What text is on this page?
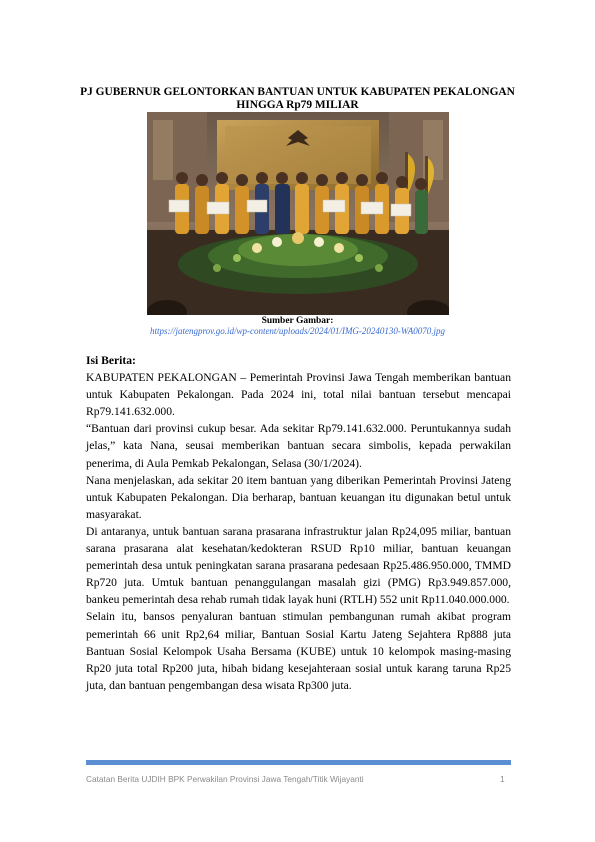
PJ GUBERNUR GELONTORKAN BANTUAN UNTUK KABUPATEN PEKALONGAN HINGGA Rp79 MILIAR
Sumber Gambar:
https://jatengprov.go.id/wp-content/uploads/2024/01/IMG-20240130-WA0070.jpg
Isi Berita:

KABUPATEN PEKALONGAN – Pemerintah Provinsi Jawa Tengah memberikan bantuan untuk Kabupaten Pekalongan. Pada 2024 ini, total nilai bantuan tersebut mencapai Rp79.141.632.000.

“Bantuan dari provinsi cukup besar. Ada sekitar Rp79.141.632.000. Peruntukannya sudah jelas,” kata Nana, seusai memberikan bantuan secara simbolis, kepada perwakilan penerima, di Aula Pemkab Pekalongan, Selasa (30/1/2024).

Nana menjelaskan, ada sekitar 20 item bantuan yang diberikan Pemerintah Provinsi Jateng untuk Kabupaten Pekalongan. Dia berharap, bantuan keuangan itu digunakan betul untuk masyarakat.

Di antaranya, untuk bantuan sarana prasarana infrastruktur jalan Rp24,095 miliar, bantuan sarana prasarana alat kesehatan/kedokteran RSUD Rp10 miliar, bantuan keuangan pemerintah desa untuk peningkatan sarana prasarana pedesaan Rp25.486.950.000, TMMD Rp720 juta. Umtuk bantuan penanggulangan masalah gizi (PMG) Rp3.949.857.000, bankeu pemerintah desa rehab rumah tidak layak huni (RTLH) 552 unit Rp11.040.000.000.

Selain itu, bansos penyaluran bantuan stimulan pembangunan rumah akibat program pemerintah 66 unit Rp2,64 miliar, Bantuan Sosial Kartu Jateng Sejahtera Rp888 juta Bantuan Sosial Kelompok Usaha Bersama (KUBE) untuk 10 kelompok masing-masing Rp20 juta total Rp200 juta, hibah bidang kesejahteraan sosial untuk karang taruna Rp25 juta, dan bantuan pengembangan desa wisata Rp300 juta.

Catatan Berita UJDIH BPK Perwakilan Provinsi Jawa Tengah/Titik Wijayanti	1
